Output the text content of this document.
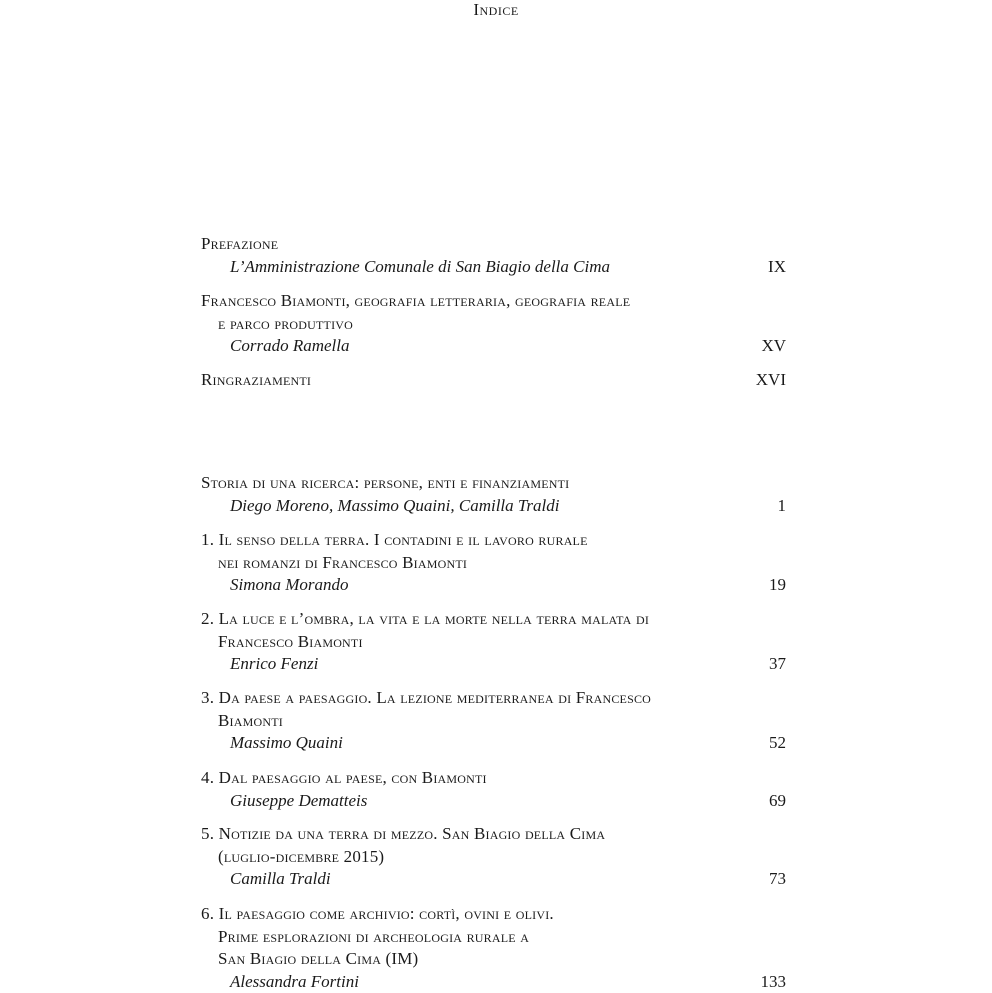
Indice
Prefazione
L’Amministrazione Comunale di San Biagio della Cima	IX
Francesco Biamonti, geografia letteraria, geografia reale
e parco produttivo
Corrado Ramella	XV
Ringraziamenti	XVI
Storia di una ricerca: persone, enti e finanziamenti
Diego Moreno, Massimo Quaini, Camilla Traldi	1
1. Il senso della terra. I contadini e il lavoro rurale
nei romanzi di Francesco Biamonti
Simona Morando	19
2. La luce e l’ombra, la vita e la morte nella terra malata di
Francesco Biamonti
Enrico Fenzi	37
3. Da paese a paesaggio. La lezione mediterranea di Francesco
Biamonti
Massimo Quaini	52
4. Dal paesaggio al paese, con Biamonti
Giuseppe Dematteis	69
5. Notizie da una terra di mezzo. San Biagio della Cima
(luglio-dicembre 2015)
Camilla Traldi	73
6. Il paesaggio come archivio: cortì, ovini e olivi.
Prime esplorazioni di archeologia rurale a
San Biagio della Cima (IM)
Alessandra Fortini	133
